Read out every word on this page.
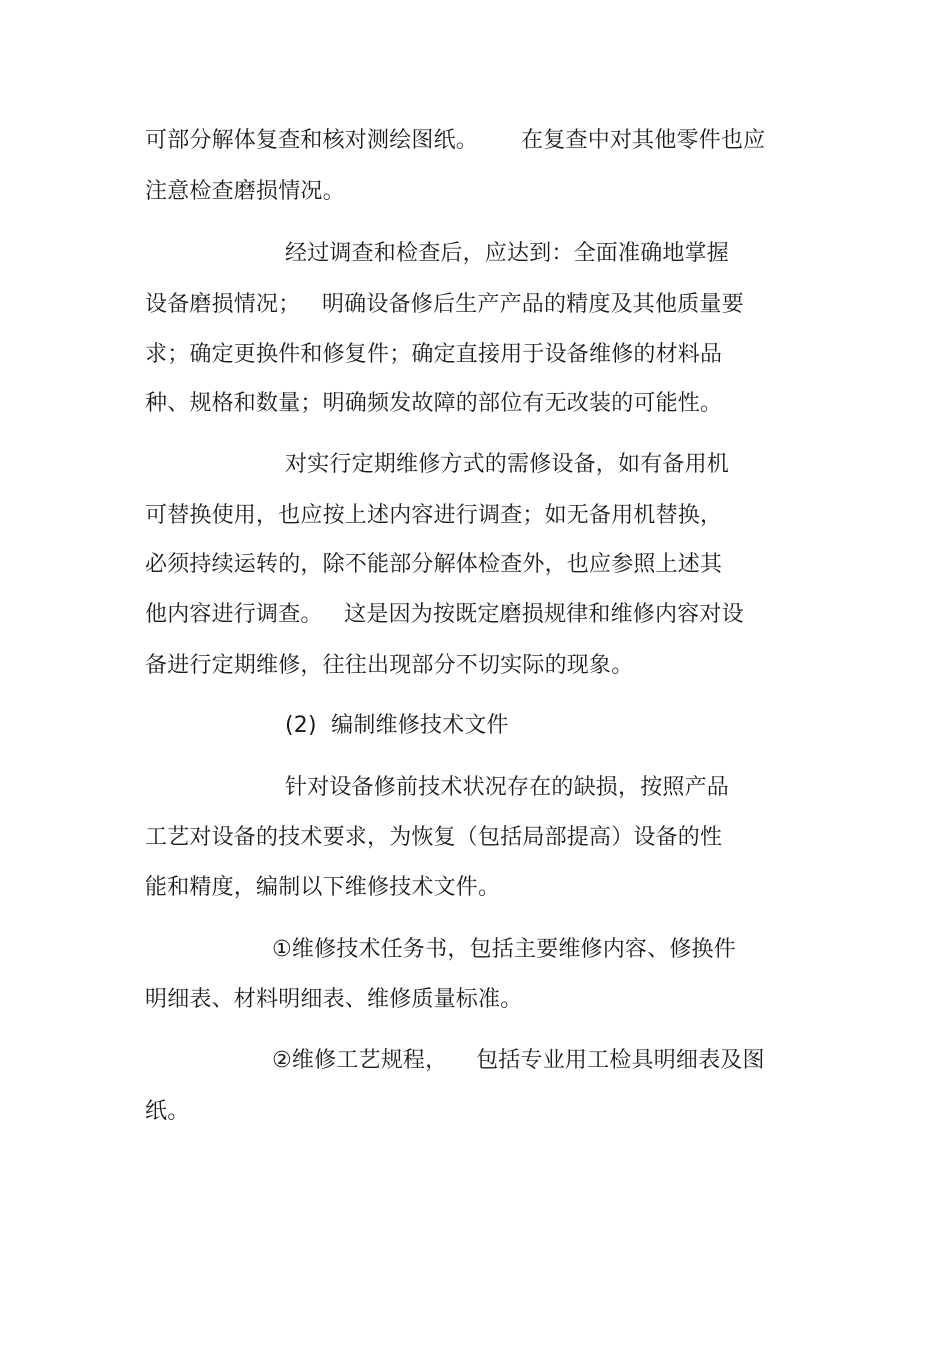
可部分解体复查和核对测绘图纸。      在复查中对其他零件也应
注意检查磨损情况。
经过调查和检查后，应达到：全面准确地掌握
设备磨损情况；   明确设备修后生产产品的精度及其他质量要
求；确定更换件和修复件；确定直接用于设备维修的材料品
种、规格和数量；明确频发故障的部位有无改装的可能性。
对实行定期维修方式的需修设备，如有备用机
可替换使用，也应按上述内容进行调查；如无备用机替换，
必须持续运转的，除不能部分解体检查外，也应参照上述其
他内容进行调查。   这是因为按既定磨损规律和维修内容对设
备进行定期维修，往往出现部分不切实际的现象。
(2)  编制维修技术文件
针对设备修前技术状况存在的缺损，按照产品
工艺对设备的技术要求，为恢复（包括局部提高）设备的性
能和精度，编制以下维修技术文件。
①维修技术任务书，包括主要维修内容、修换件
明细表、材料明细表、维修质量标准。
②维修工艺规程，    包括专业用工检具明细表及图
纸。
